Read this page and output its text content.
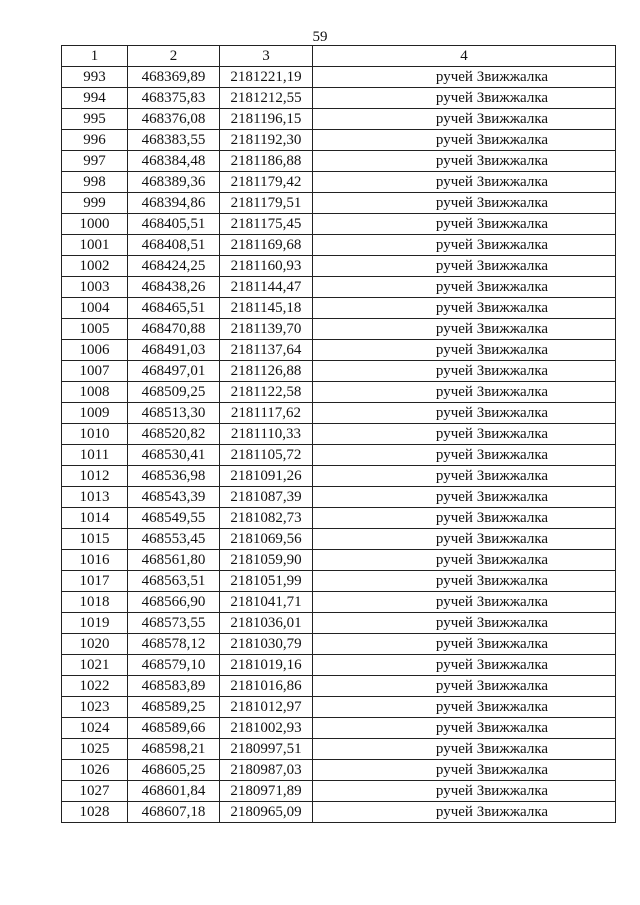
59
1	2	3	4
993	468369,89	2181221,19	ручей Звижжалка
994	468375,83	2181212,55	ручей Звижжалка
995	468376,08	2181196,15	ручей Звижжалка
996	468383,55	2181192,30	ручей Звижжалка
997	468384,48	2181186,88	ручей Звижжалка
998	468389,36	2181179,42	ручей Звижжалка
999	468394,86	2181179,51	ручей Звижжалка
1000	468405,51	2181175,45	ручей Звижжалка
1001	468408,51	2181169,68	ручей Звижжалка
1002	468424,25	2181160,93	ручей Звижжалка
1003	468438,26	2181144,47	ручей Звижжалка
1004	468465,51	2181145,18	ручей Звижжалка
1005	468470,88	2181139,70	ручей Звижжалка
1006	468491,03	2181137,64	ручей Звижжалка
1007	468497,01	2181126,88	ручей Звижжалка
1008	468509,25	2181122,58	ручей Звижжалка
1009	468513,30	2181117,62	ручей Звижжалка
1010	468520,82	2181110,33	ручей Звижжалка
1011	468530,41	2181105,72	ручей Звижжалка
1012	468536,98	2181091,26	ручей Звижжалка
1013	468543,39	2181087,39	ручей Звижжалка
1014	468549,55	2181082,73	ручей Звижжалка
1015	468553,45	2181069,56	ручей Звижжалка
1016	468561,80	2181059,90	ручей Звижжалка
1017	468563,51	2181051,99	ручей Звижжалка
1018	468566,90	2181041,71	ручей Звижжалка
1019	468573,55	2181036,01	ручей Звижжалка
1020	468578,12	2181030,79	ручей Звижжалка
1021	468579,10	2181019,16	ручей Звижжалка
1022	468583,89	2181016,86	ручей Звижжалка
1023	468589,25	2181012,97	ручей Звижжалка
1024	468589,66	2181002,93	ручей Звижжалка
1025	468598,21	2180997,51	ручей Звижжалка
1026	468605,25	2180987,03	ручей Звижжалка
1027	468601,84	2180971,89	ручей Звижжалка
1028	468607,18	2180965,09	ручей Звижжалка
